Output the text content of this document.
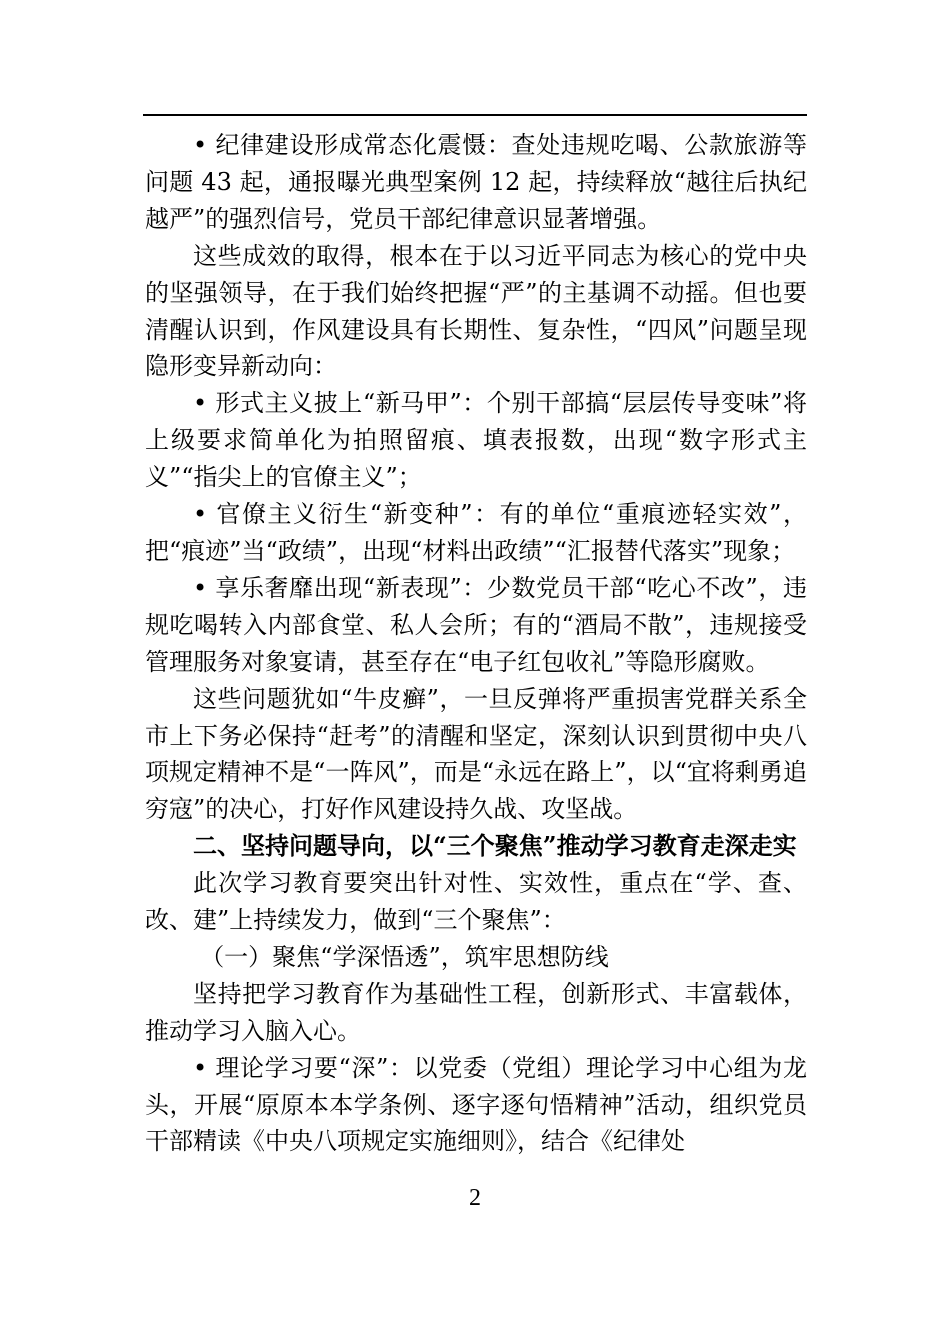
• 纪律建设形成常态化震慑：查处违规吃喝、公款旅游等问题 43 起，通报曝光典型案例 12 起，持续释放“越往后执纪越严”的强烈信号，党员干部纪律意识显著增强。

这些成效的取得，根本在于以习近平同志为核心的党中央的坚强领导，在于我们始终把握“严”的主基调不动摇。但也要清醒认识到，作风建设具有长期性、复杂性，“四风”问题呈现隐形变异新动向：

• 形式主义披上“新马甲”：个别干部搞“层层传导变味”将上级要求简单化为拍照留痕、填表报数，出现“数字形式主义”“指尖上的官僚主义”；

• 官僚主义衍生“新变种”：有的单位“重痕迹轻实效”，把“痕迹”当“政绩”，出现“材料出政绩”“汇报替代落实”现象；

• 享乐奢靡出现“新表现”：少数党员干部“吃心不改”，违规吃喝转入内部食堂、私人会所；有的“酒局不散”，违规接受管理服务对象宴请，甚至存在“电子红包收礼”等隐形腐败。

这些问题犹如“牛皮癣”，一旦反弹将严重损害党群关系全市上下务必保持“赶考”的清醒和坚定，深刻认识到贯彻中央八项规定精神不是“一阵风”，而是“永远在路上”，以“宜将剩勇追穷寇”的决心，打好作风建设持久战、攻坚战。

二、坚持问题导向，以“三个聚焦”推动学习教育走深走实

此次学习教育要突出针对性、实效性，重点在“学、查、改、建”上持续发力，做到“三个聚焦”：

（一）聚焦“学深悟透”，筑牢思想防线

坚持把学习教育作为基础性工程，创新形式、丰富载体，推动学习入脑入心。

• 理论学习要“深”：以党委（党组）理论学习中心组为龙头，开展“原原本本学条例、逐字逐句悟精神”活动，组织党员干部精读《中央八项规定实施细则》，结合《纪律处

2
